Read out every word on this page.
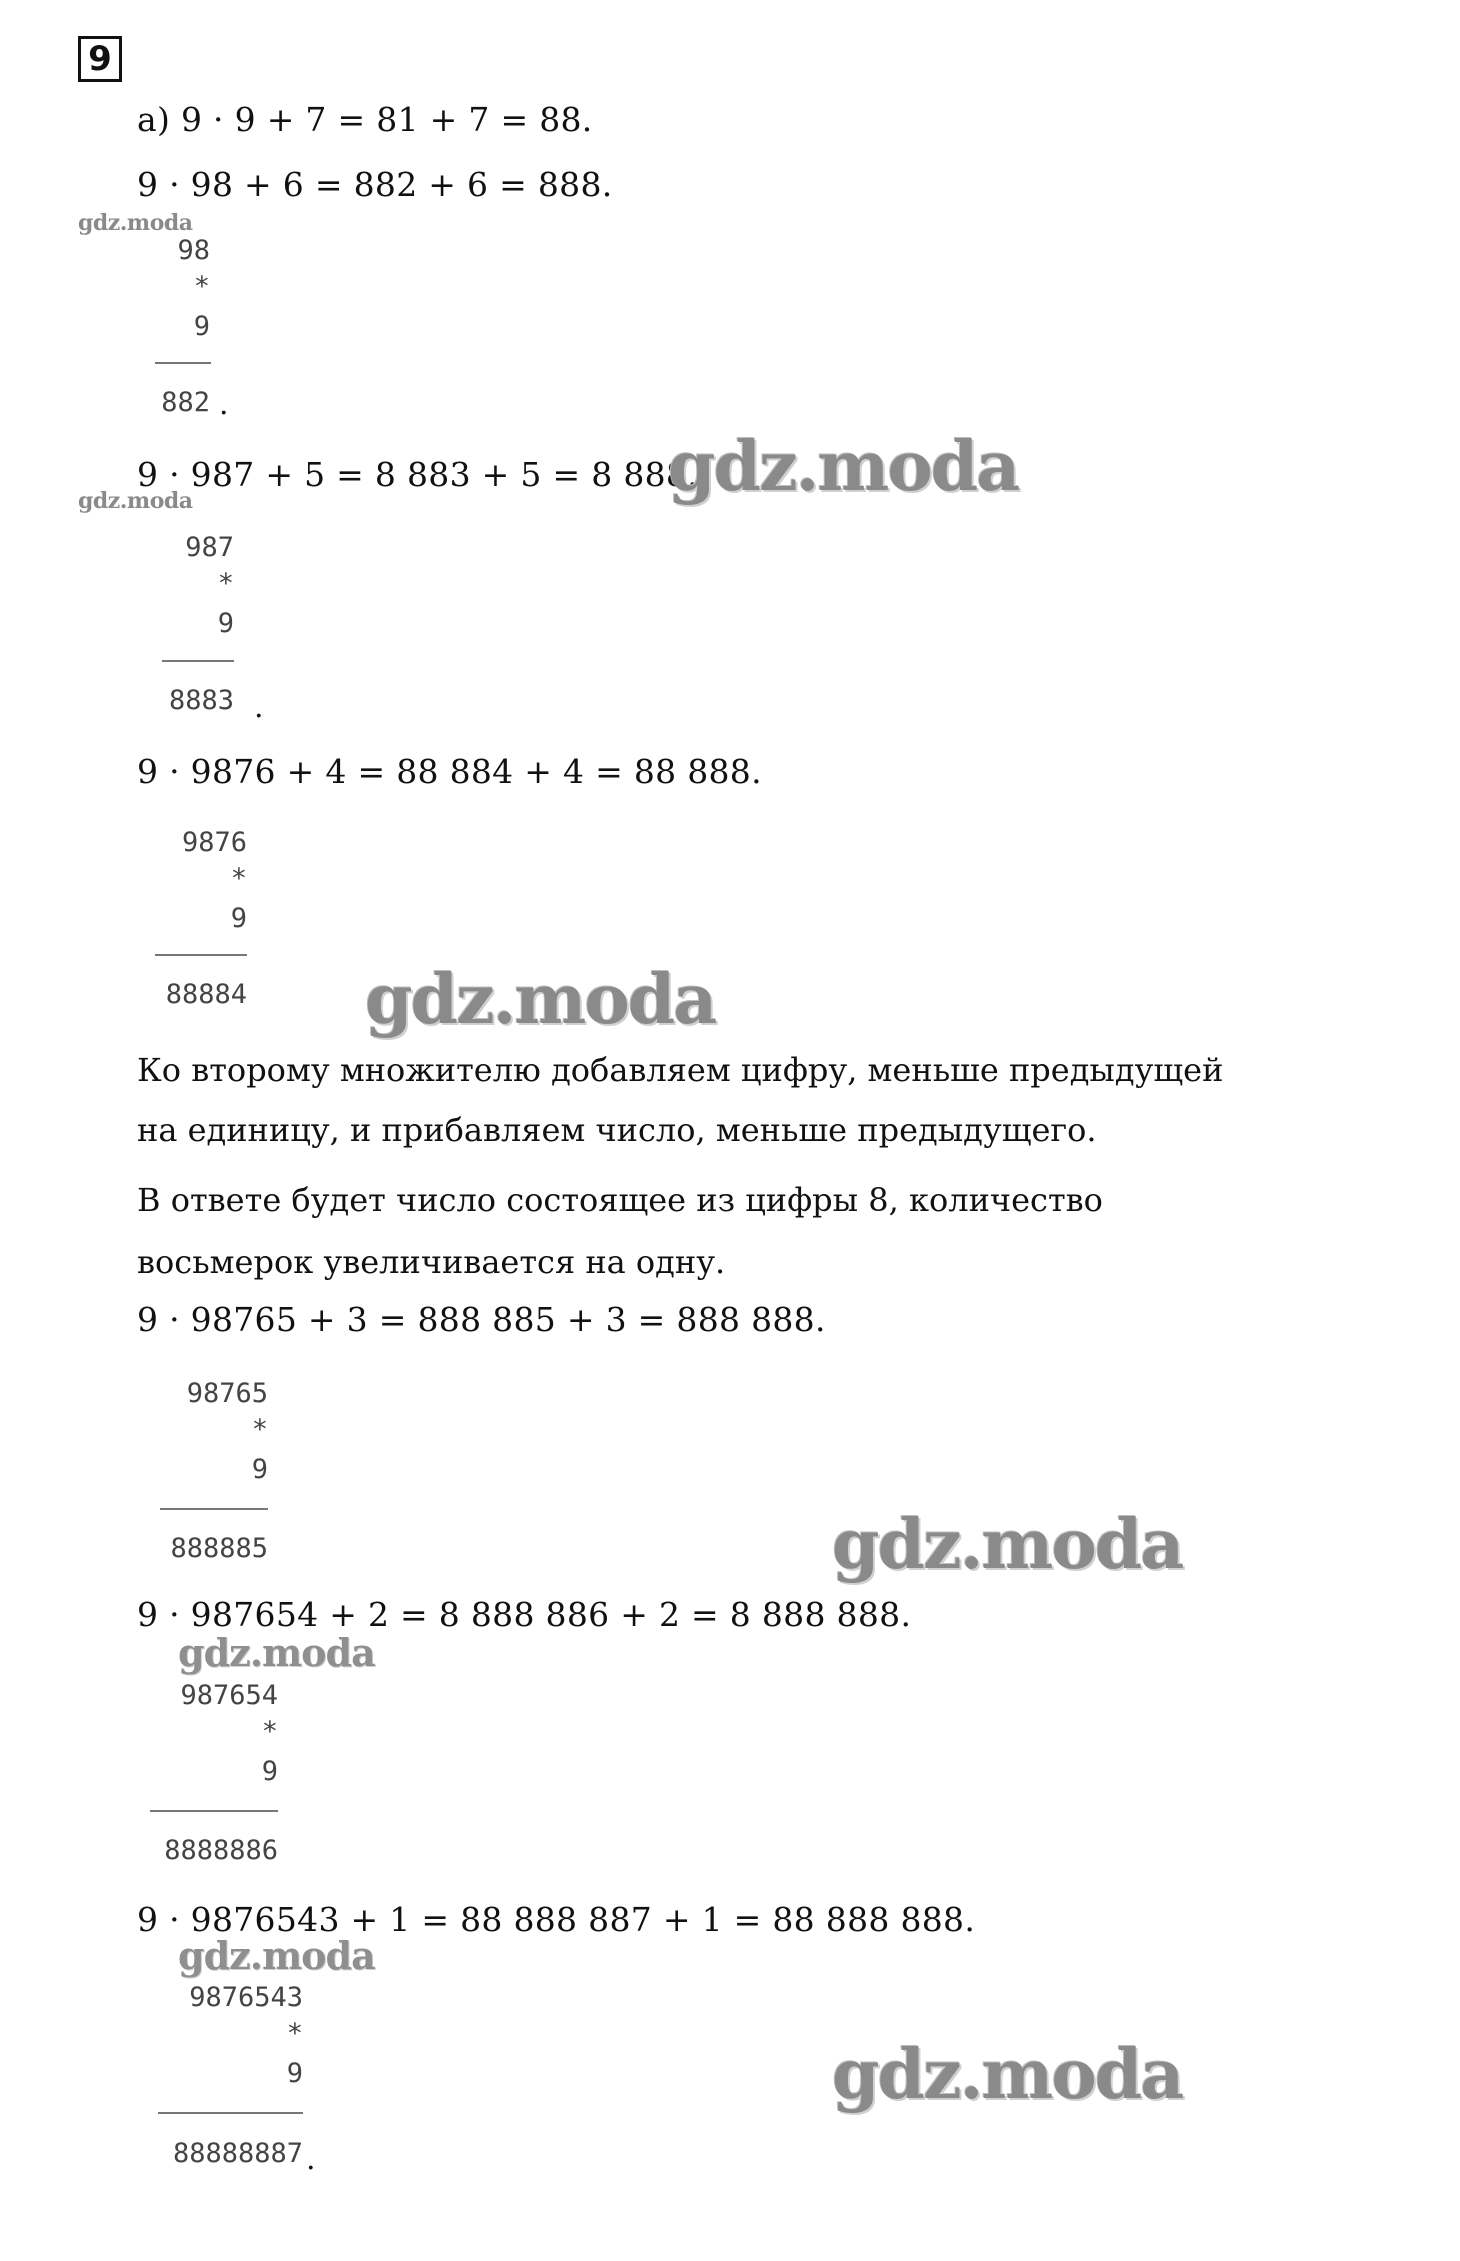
9
а) 9 · 9 + 7 = 81 + 7 = 88.
9 · 98 + 6 = 882 + 6 = 888.
gdz.moda
98
*
9
882 .
9 · 987 + 5 = 8 883 + 5 = 8 888.
gdz.moda
gdz.moda
987
*
9
8883 .
9 · 9876 + 4 = 88 884 + 4 = 88 888.
9876
*
9
88884 gdz.moda
Ко второму множителю добавляем цифру, меньше предыдущей
на единицу, и прибавляем число, меньше предыдущего.
В ответе будет число состоящее из цифры 8, количество
восьмерок увеличивается на одну.
9 · 98765 + 3 = 888 885 + 3 = 888 888.
98765
*
9
888885	gdz.moda
9 · 987654 + 2 = 8 888 886 + 2 = 8 888 888.
gdz.moda
987654
*
9
8888886
9 · 9876543 + 1 = 88 888 887 + 1 = 88 888 888.
gdz.moda
9876543
*
9
88888887 .
gdz.moda
